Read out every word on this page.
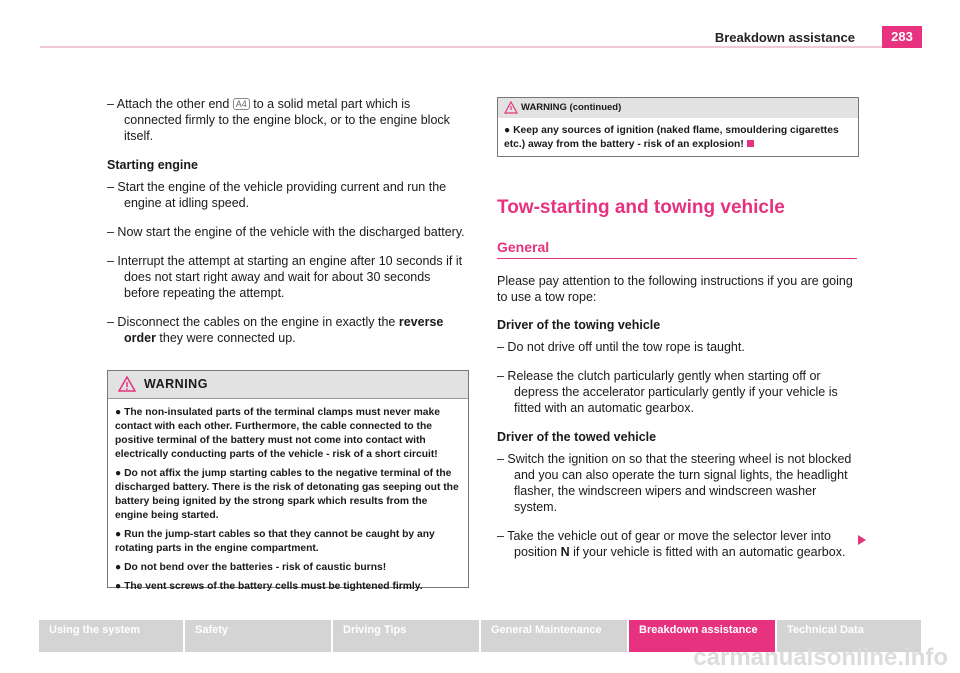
Breakdown assistance	283

– Attach the other end A4 to a solid metal part which is connected firmly to the engine block, or to the engine block itself.

Starting engine

– Start the engine of the vehicle providing current and run the engine at idling speed.

– Now start the engine of the vehicle with the discharged battery.

– Interrupt the attempt at starting an engine after 10 seconds if it does not start right away and wait for about 30 seconds before repeating the attempt.

– Disconnect the cables on the engine in exactly the reverse order they were connected up.

WARNING

● The non-insulated parts of the terminal clamps must never make contact with each other. Furthermore, the cable connected to the positive terminal of the battery must not come into contact with electrically conducting parts of the vehicle - risk of a short circuit!

● Do not affix the jump starting cables to the negative terminal of the discharged battery. There is the risk of detonating gas seeping out the battery being ignited by the strong spark which results from the engine being started.

● Run the jump-start cables so that they cannot be caught by any rotating parts in the engine compartment.

● Do not bend over the batteries - risk of caustic burns!

● The vent screws of the battery cells must be tightened firmly.

WARNING (continued)
● Keep any sources of ignition (naked flame, smouldering cigarettes etc.) away from the battery - risk of an explosion!
Tow-starting and towing vehicle
General

Please pay attention to the following instructions if you are going to use a tow rope:

Driver of the towing vehicle

– Do not drive off until the tow rope is taught.

– Release the clutch particularly gently when starting off or depress the accelerator particularly gently if your vehicle is fitted with an automatic gearbox.

Driver of the towed vehicle

– Switch the ignition on so that the steering wheel is not blocked and you can also operate the turn signal lights, the headlight flasher, the windscreen wipers and windscreen washer system.

– Take the vehicle out of gear or move the selector lever into position N if your vehicle is fitted with an automatic gearbox.

Using the system	Safety	Driving Tips	General Maintenance	Breakdown assistance	Technical Data
carmanualsonline.info
